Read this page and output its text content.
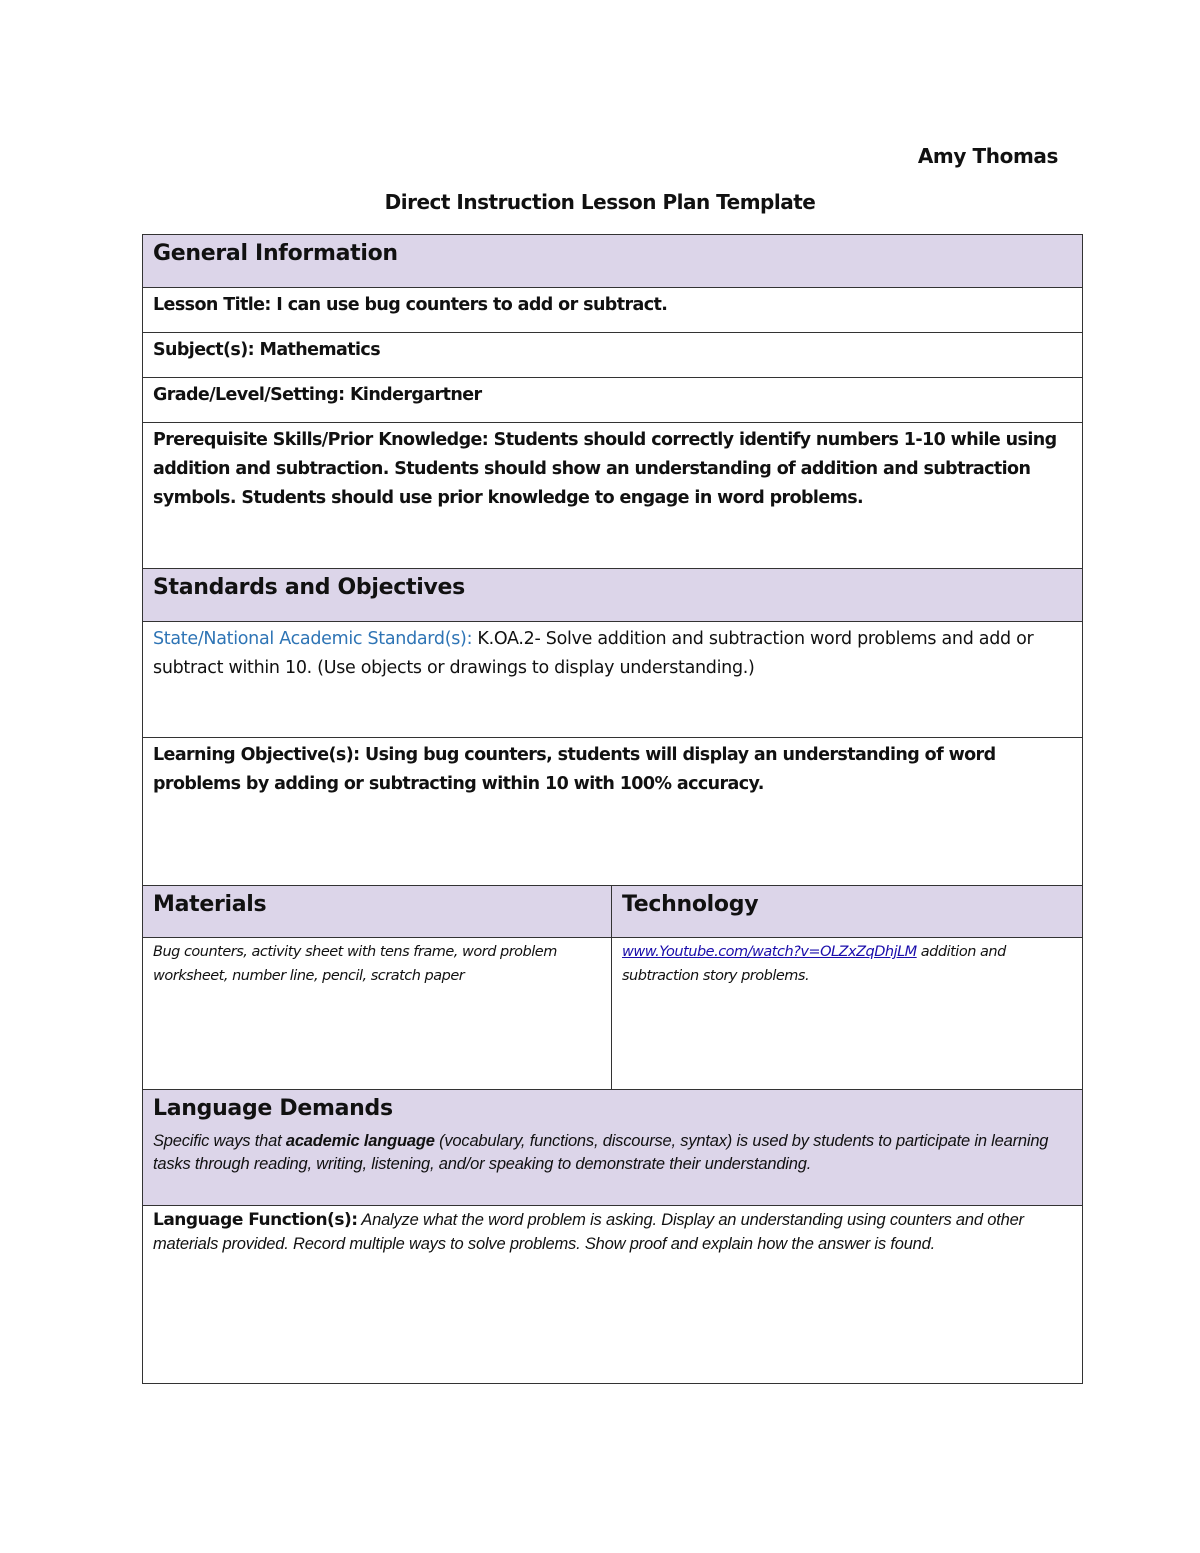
Amy Thomas
Direct Instruction Lesson Plan Template
General Information	

Lesson Title: I can use bug counters to add or subtract.	

Subject(s): Mathematics	

Grade/Level/Setting: Kindergartner	

Prerequisite Skills/Prior Knowledge: Students should correctly identify numbers 1-10 while using addition and subtraction. Students should show an understanding of addition and subtraction symbols. Students should use prior knowledge to engage in word problems.	

Standards and Objectives	

State/National Academic Standard(s): K.OA.2- Solve addition and subtraction word problems and add or subtract within 10. (Use objects or drawings to display understanding.)	

Learning Objective(s): Using bug counters, students will display an understanding of word problems by adding or subtracting within 10 with 100% accuracy.	

Materials	Technology

Bug counters, activity sheet with tens frame, word problem worksheet, number line, pencil, scratch paper	www.Youtube.com/watch?v=OLZxZqDhjLM addition and subtraction story problems.

Language Demands
Specific ways that academic language (vocabulary, functions, discourse, syntax) is used by students to participate in learning tasks through reading, writing, listening, and/or speaking to demonstrate their understanding.	

Language Function(s): Analyze what the word problem is asking. Display an understanding using counters and other materials provided. Record multiple ways to solve problems. Show proof and explain how the answer is found.	
